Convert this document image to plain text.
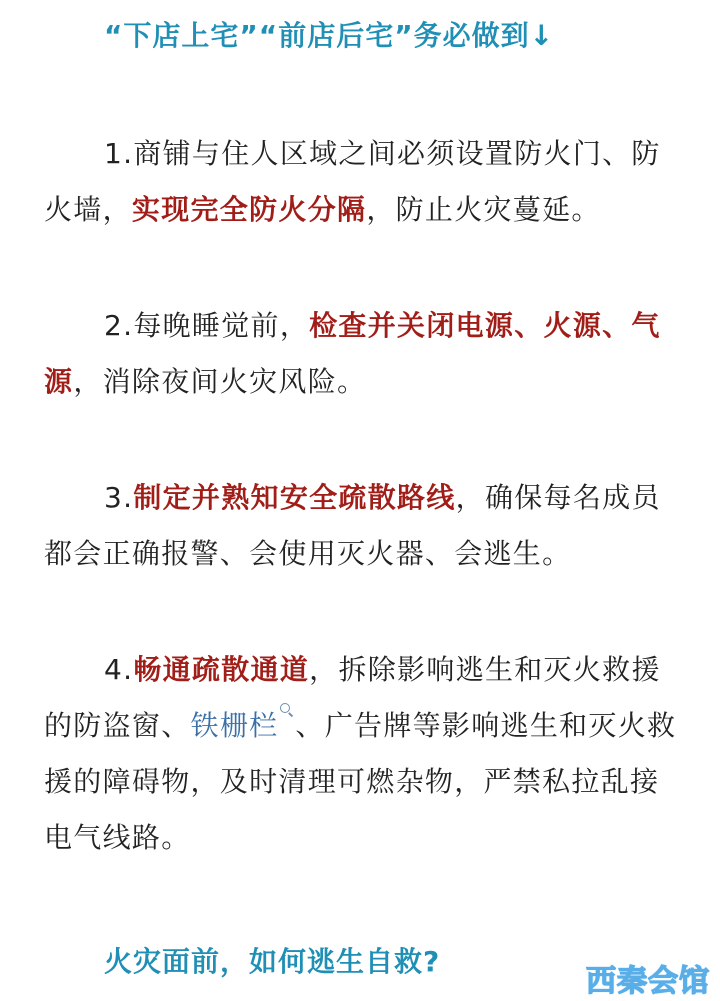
“下店上宅”“前店后宅”务必做到↓

1.商铺与住人区域之间必须设置防火门、防火墙，实现完全防火分隔，防止火灾蔓延。

2.每晚睡觉前，检查并关闭电源、火源、气源，消除夜间火灾风险。

3.制定并熟知安全疏散路线，确保每名成员都会正确报警、会使用灭火器、会逃生。

4.畅通疏散通道，拆除影响逃生和灭火救援的防盗窗、铁栅栏 、广告牌等影响逃生和灭火救援的障碍物，及时清理可燃杂物，严禁私拉乱接电气线路。

火灾面前，如何逃生自救?
西秦会馆
